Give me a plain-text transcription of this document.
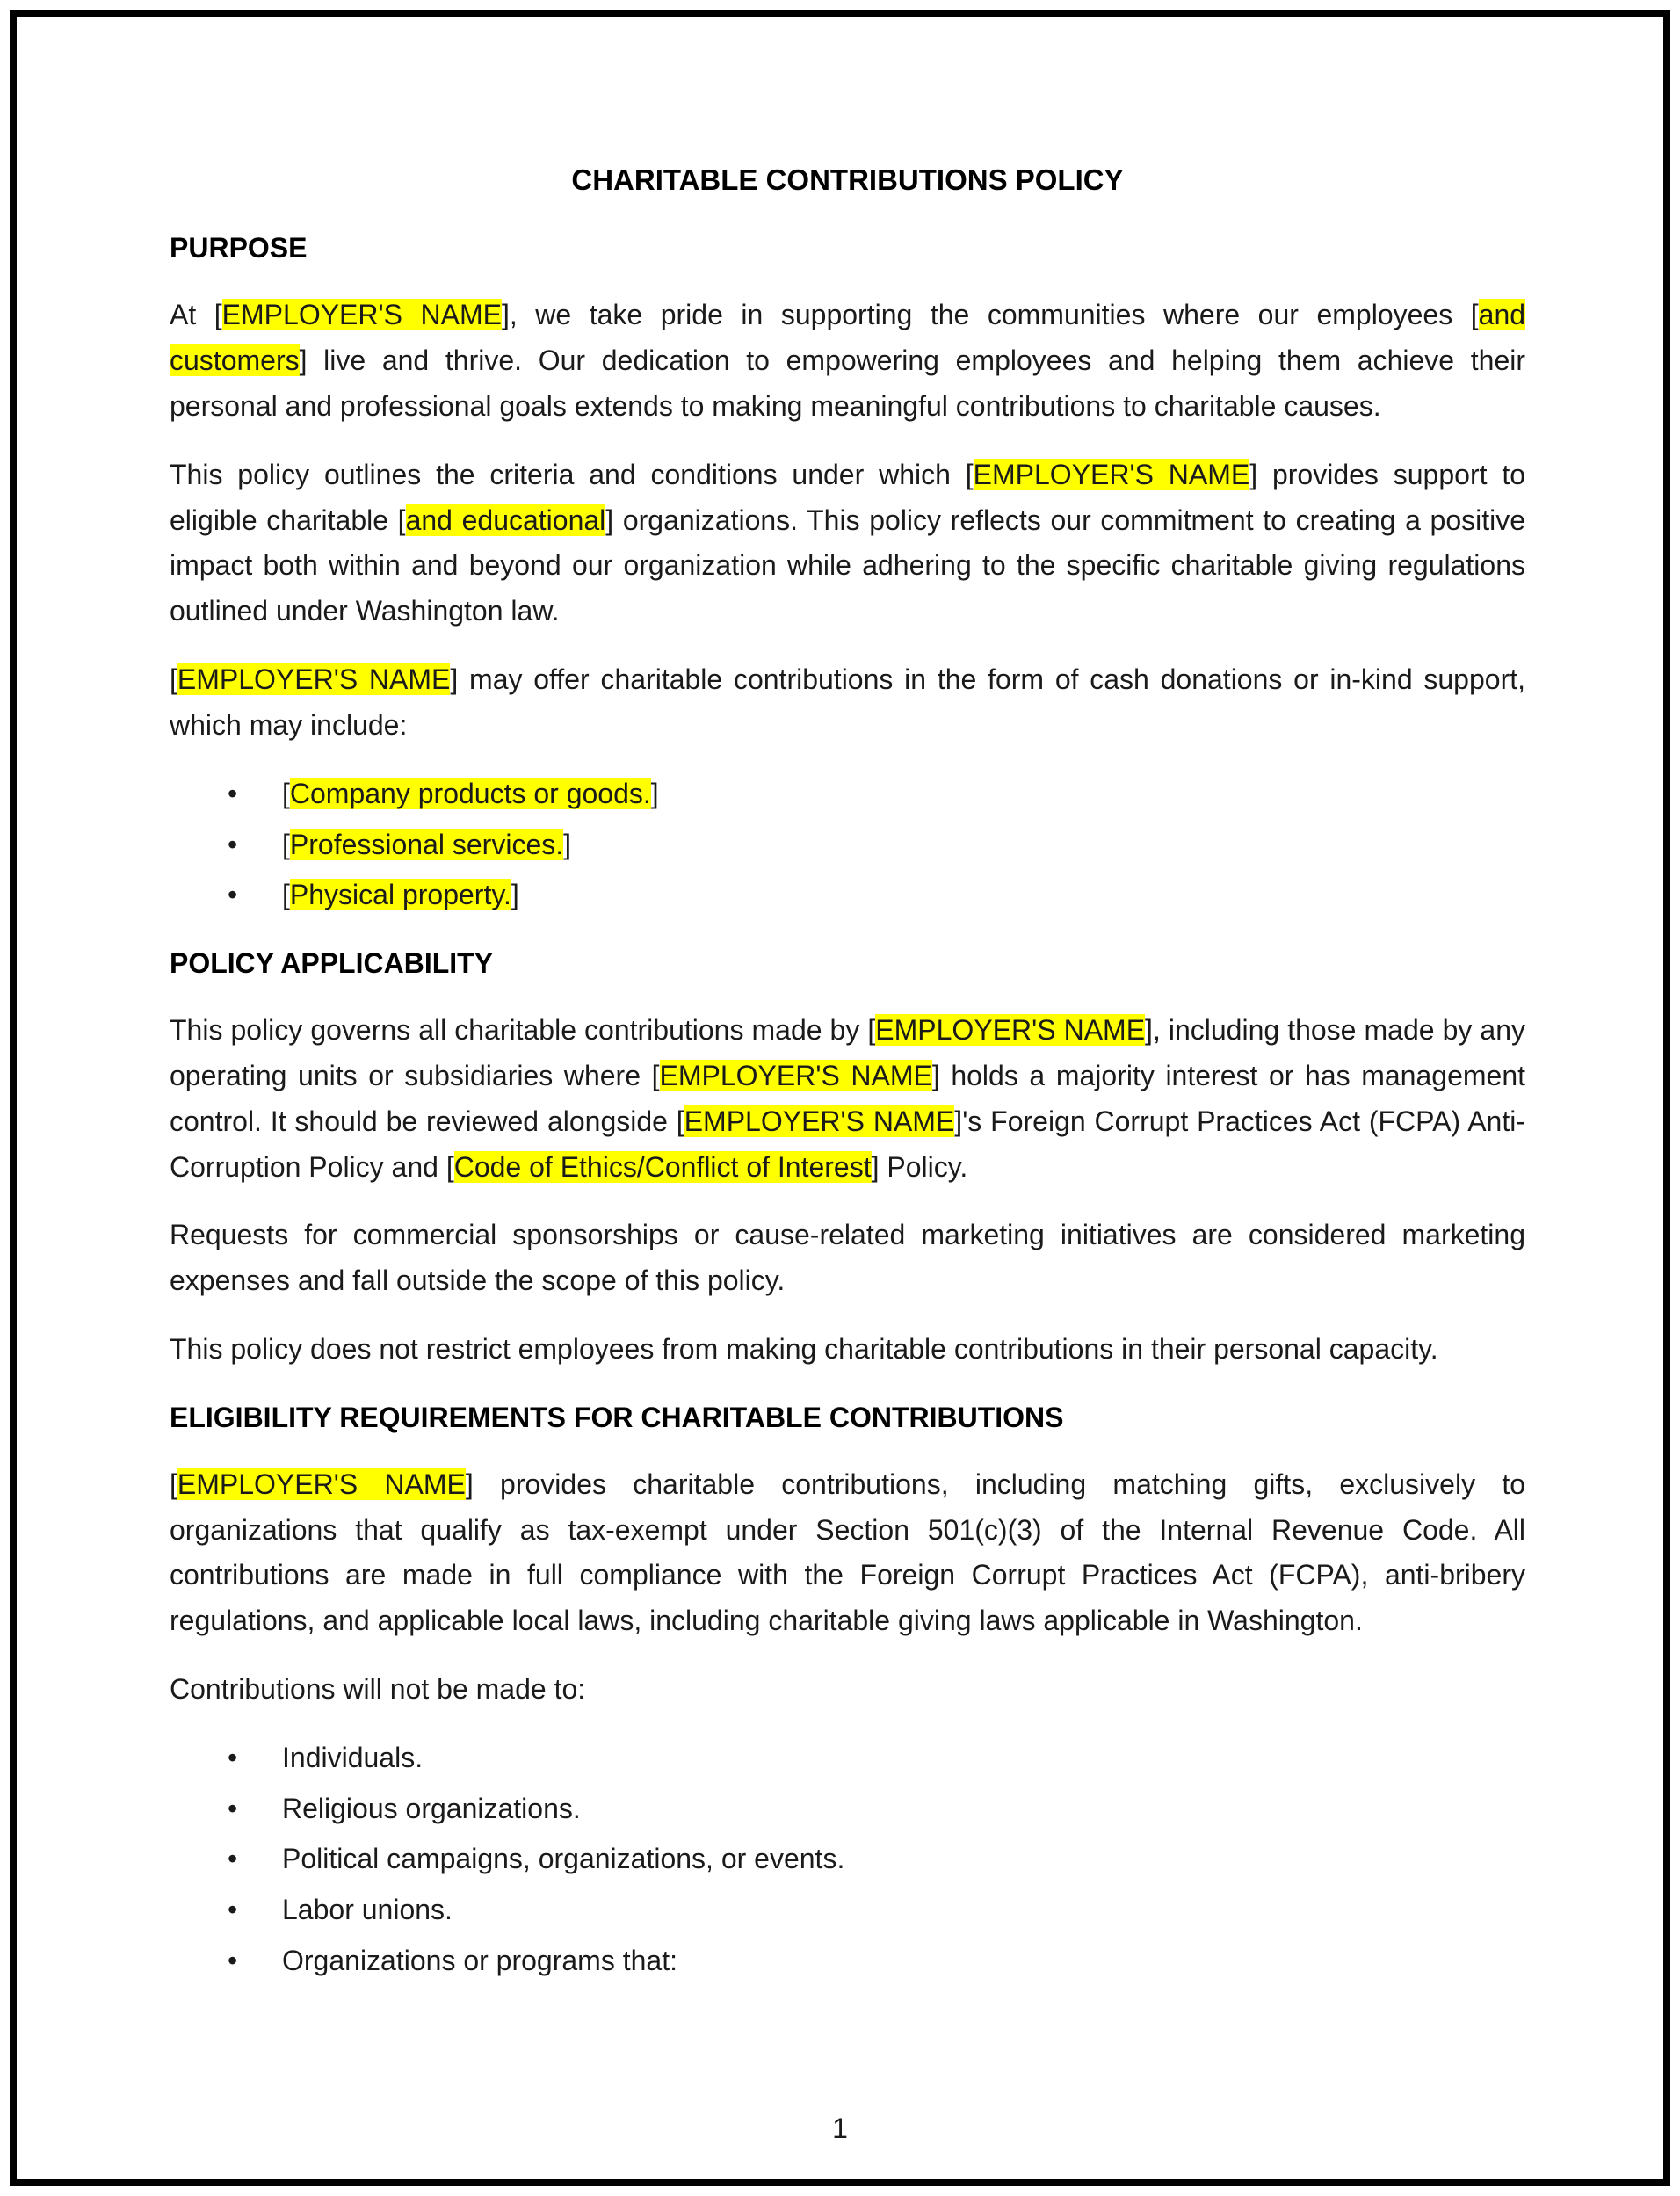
CHARITABLE CONTRIBUTIONS POLICY
PURPOSE

At [EMPLOYER'S NAME], we take pride in supporting the communities where our employees [and customers] live and thrive. Our dedication to empowering employees and helping them achieve their personal and professional goals extends to making meaningful contributions to charitable causes.

This policy outlines the criteria and conditions under which [EMPLOYER'S NAME] provides support to eligible charitable [and educational] organizations. This policy reflects our commitment to creating a positive impact both within and beyond our organization while adhering to the specific charitable giving regulations outlined under Washington law.

[EMPLOYER'S NAME] may offer charitable contributions in the form of cash donations or in-kind support, which may include:

• [Company products or goods.]
• [Professional services.]
• [Physical property.]
POLICY APPLICABILITY

This policy governs all charitable contributions made by [EMPLOYER'S NAME], including those made by any operating units or subsidiaries where [EMPLOYER'S NAME] holds a majority interest or has management control. It should be reviewed alongside [EMPLOYER'S NAME]'s Foreign Corrupt Practices Act (FCPA) Anti-Corruption Policy and [Code of Ethics/Conflict of Interest] Policy.

Requests for commercial sponsorships or cause-related marketing initiatives are considered marketing expenses and fall outside the scope of this policy.

This policy does not restrict employees from making charitable contributions in their personal capacity.

ELIGIBILITY REQUIREMENTS FOR CHARITABLE CONTRIBUTIONS

[EMPLOYER'S NAME] provides charitable contributions, including matching gifts, exclusively to organizations that qualify as tax-exempt under Section 501(c)(3) of the Internal Revenue Code. All contributions are made in full compliance with the Foreign Corrupt Practices Act (FCPA), anti-bribery regulations, and applicable local laws, including charitable giving laws applicable in Washington.

Contributions will not be made to:

• Individuals.
• Religious organizations.
• Political campaigns, organizations, or events.
• Labor unions.
• Organizations or programs that:
1
